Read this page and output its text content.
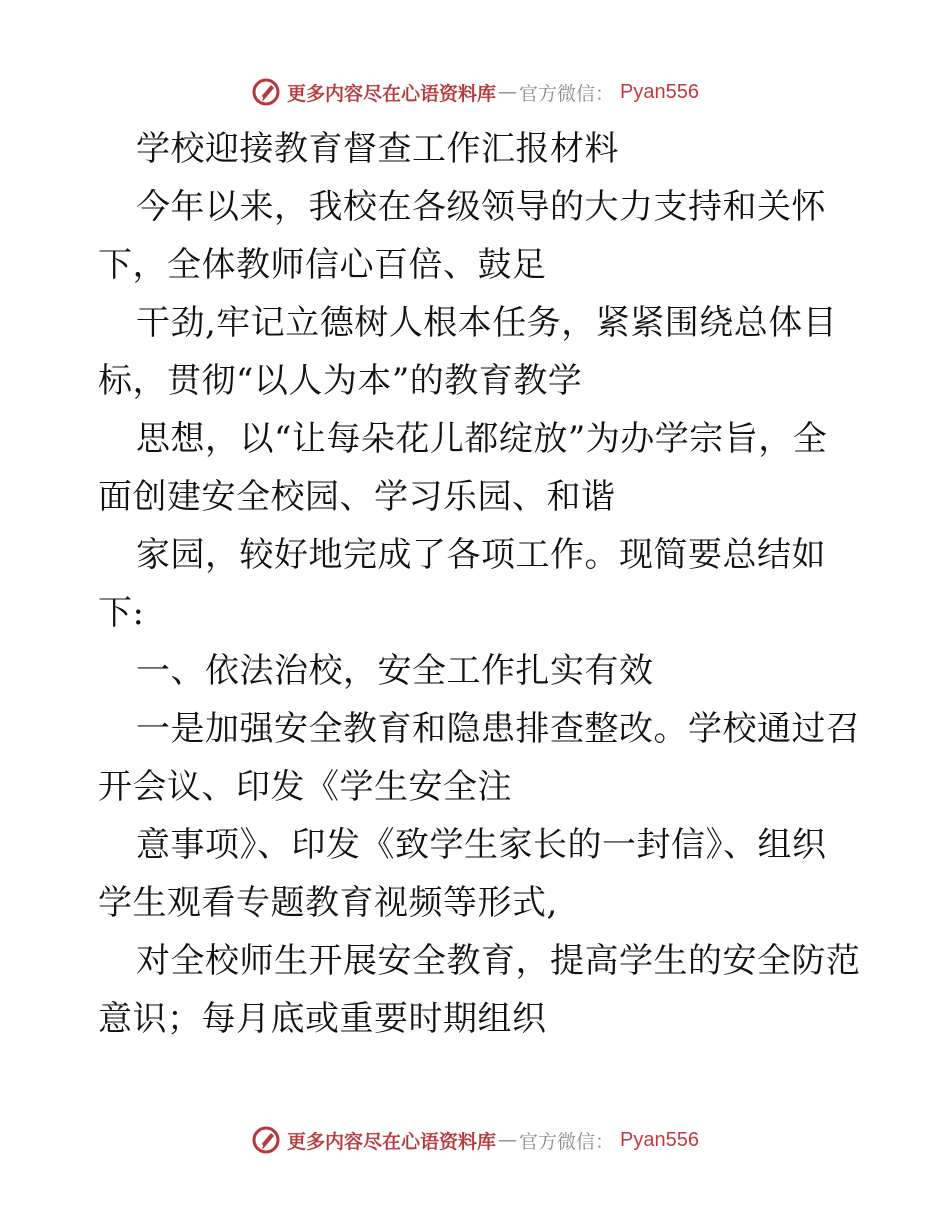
更多内容尽在心语资料库 — 官方微信： Pyan556
学校迎接教育督查工作汇报材料
今年以来，我校在各级领导的大力支持和关怀
下，全体教师信心百倍、鼓足
干劲,牢记立德树人根本任务，紧紧围绕总体目
标，贯彻“以人为本”的教育教学
思想，以“让每朵花儿都绽放”为办学宗旨，全
面创建安全校园、学习乐园、和谐
家园，较好地完成了各项工作。现简要总结如
下:
一、依法治校，安全工作扎实有效
一是加强安全教育和隐患排查整改。学校通过召
开会议、印发《学生安全注
意事项》、印发《致学生家长的一封信》、组织
学生观看专题教育视频等形式,
对全校师生开展安全教育，提高学生的安全防范
意识；每月底或重要时期组织
更多内容尽在心语资料库 — 官方微信： Pyan556
